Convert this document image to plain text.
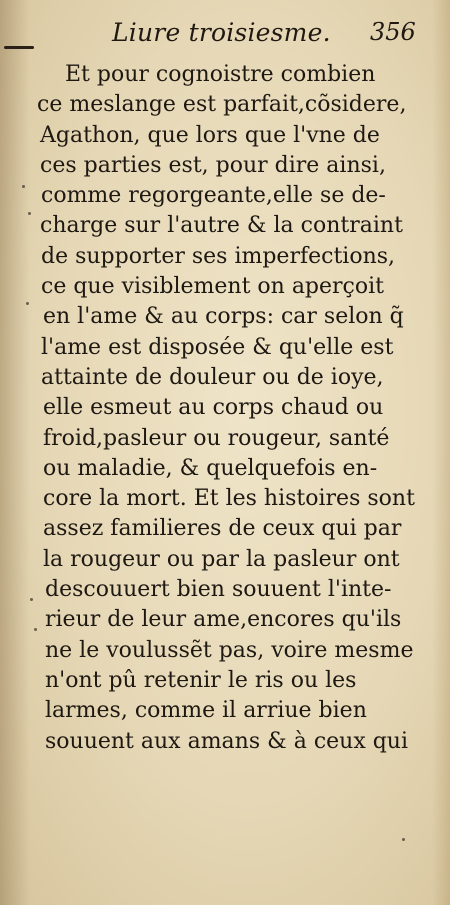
Liure troisiesme. 356
Et pour cognoistre combien
ce meslange est parfait,cõsidere,
Agathon, que lors que l'vne de
ces parties est, pour dire ainsi,
comme regorgeante,elle se de-
charge sur l'autre & la contraint
de supporter ses imperfections,
ce que visiblement on aperçoit
en l'ame & au corps: car selon q̃
l'ame est disposée & qu'elle est
attainte de douleur ou de ioye,
elle esmeut au corps chaud ou
froid,pasleur ou rougeur, santé
ou maladie, & quelquefois en-
core la mort. Et les histoires sont
assez familieres de ceux qui par
la rougeur ou par la pasleur ont
descouuert bien souuent l'inte-
rieur de leur ame,encores qu'ils
ne le voulussẽt pas, voire mesme
n'ont pû retenir le ris ou les
larmes, comme il arriue bien
souuent aux amans & à ceux qui
